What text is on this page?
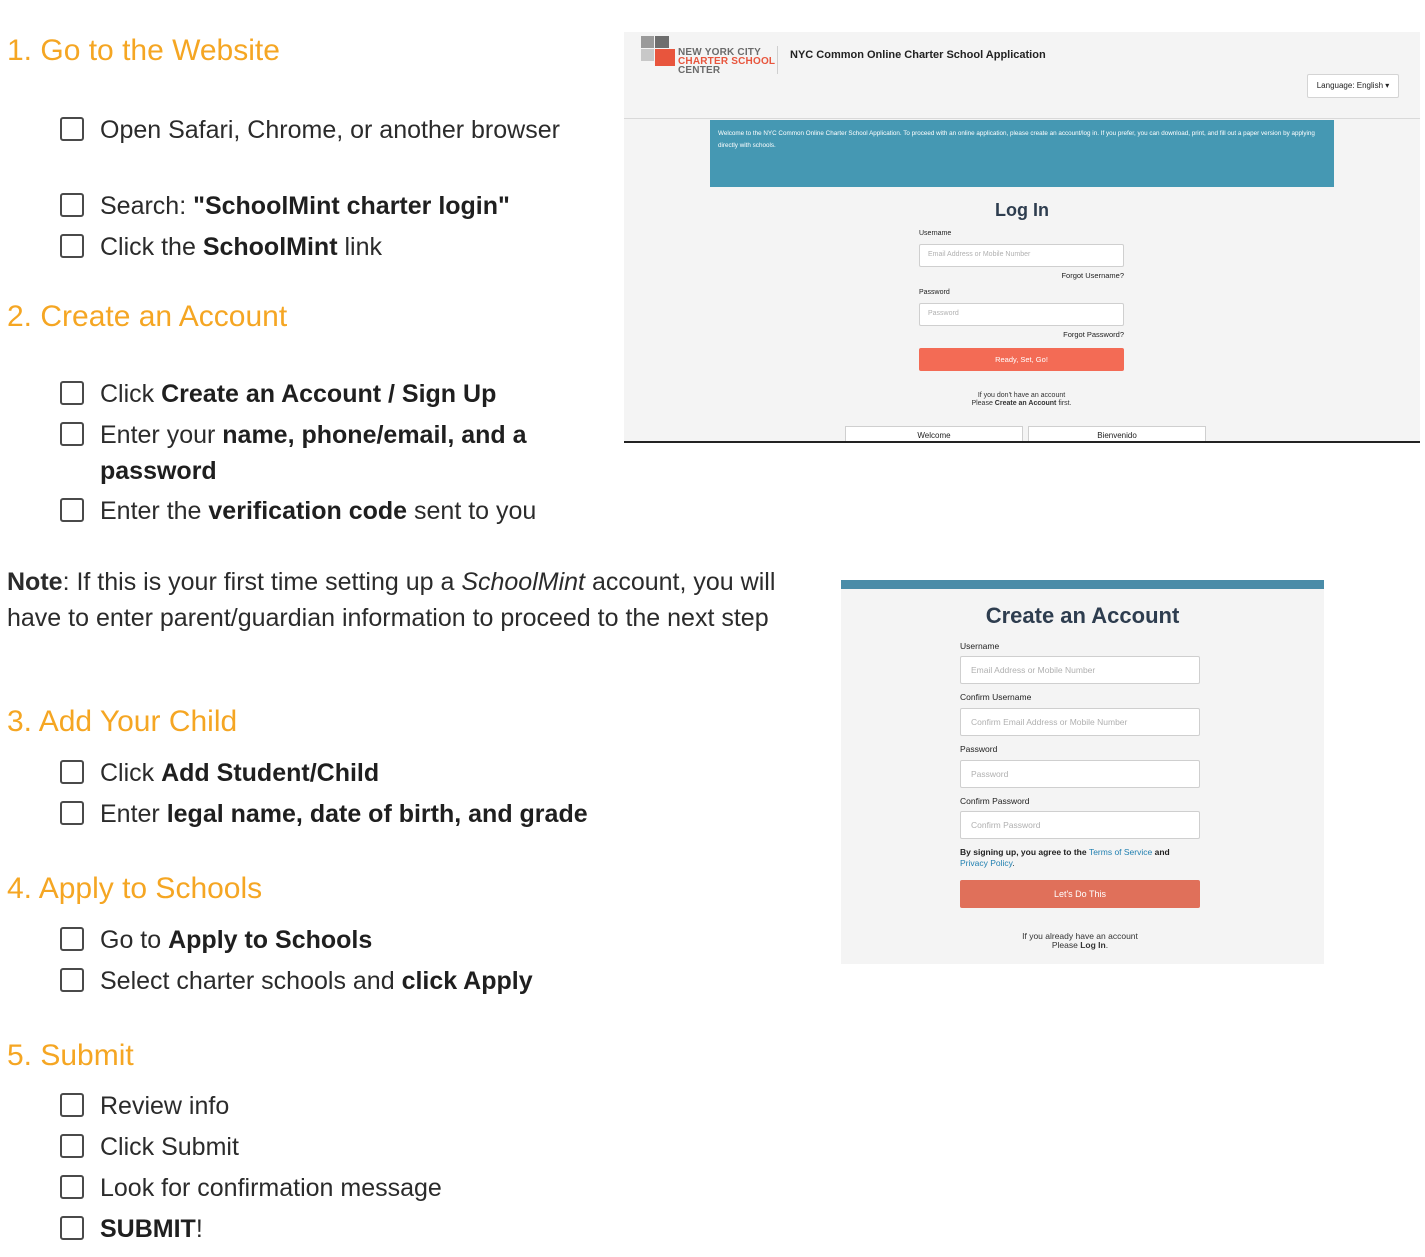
1. Go to the Website
Open Safari, Chrome, or another browser
Search: "SchoolMint charter login"
Click the SchoolMint link
2. Create an Account
Click Create an Account / Sign Up
Enter your name, phone/email, and a password
Enter the verification code sent to you

Note: If this is your first time setting up a SchoolMint account, you will have to enter parent/guardian information to proceed to the next step

3. Add Your Child
Click Add Student/Child
Enter legal name, date of birth, and grade
4. Apply to Schools
Go to Apply to Schools
Select charter schools and click Apply
5. Submit
Review info
Click Submit
Look for confirmation message
SUBMIT!
NEW YORK CITY
CHARTER SCHOOL
CENTER
NYC Common Online Charter School Application
Language: English ▾
Welcome to the NYC Common Online Charter School Application. To proceed with an online application, please create an account/log in. If you prefer, you can download, print, and fill out a paper version by applying directly with schools.
Log In
Username
Email Address or Mobile Number
Forgot Username?
Password
Password
Forgot Password?
Ready, Set, Go!
If you don't have an account
Please Create an Account first.
Welcome	Bienvenido
Create an Account
Username
Email Address or Mobile Number
Confirm Username
Confirm Email Address or Mobile Number
Password
Password
Confirm Password
Confirm Password
By signing up, you agree to the Terms of Service and
Privacy Policy.
Let's Do This
If you already have an account
Please Log In.
